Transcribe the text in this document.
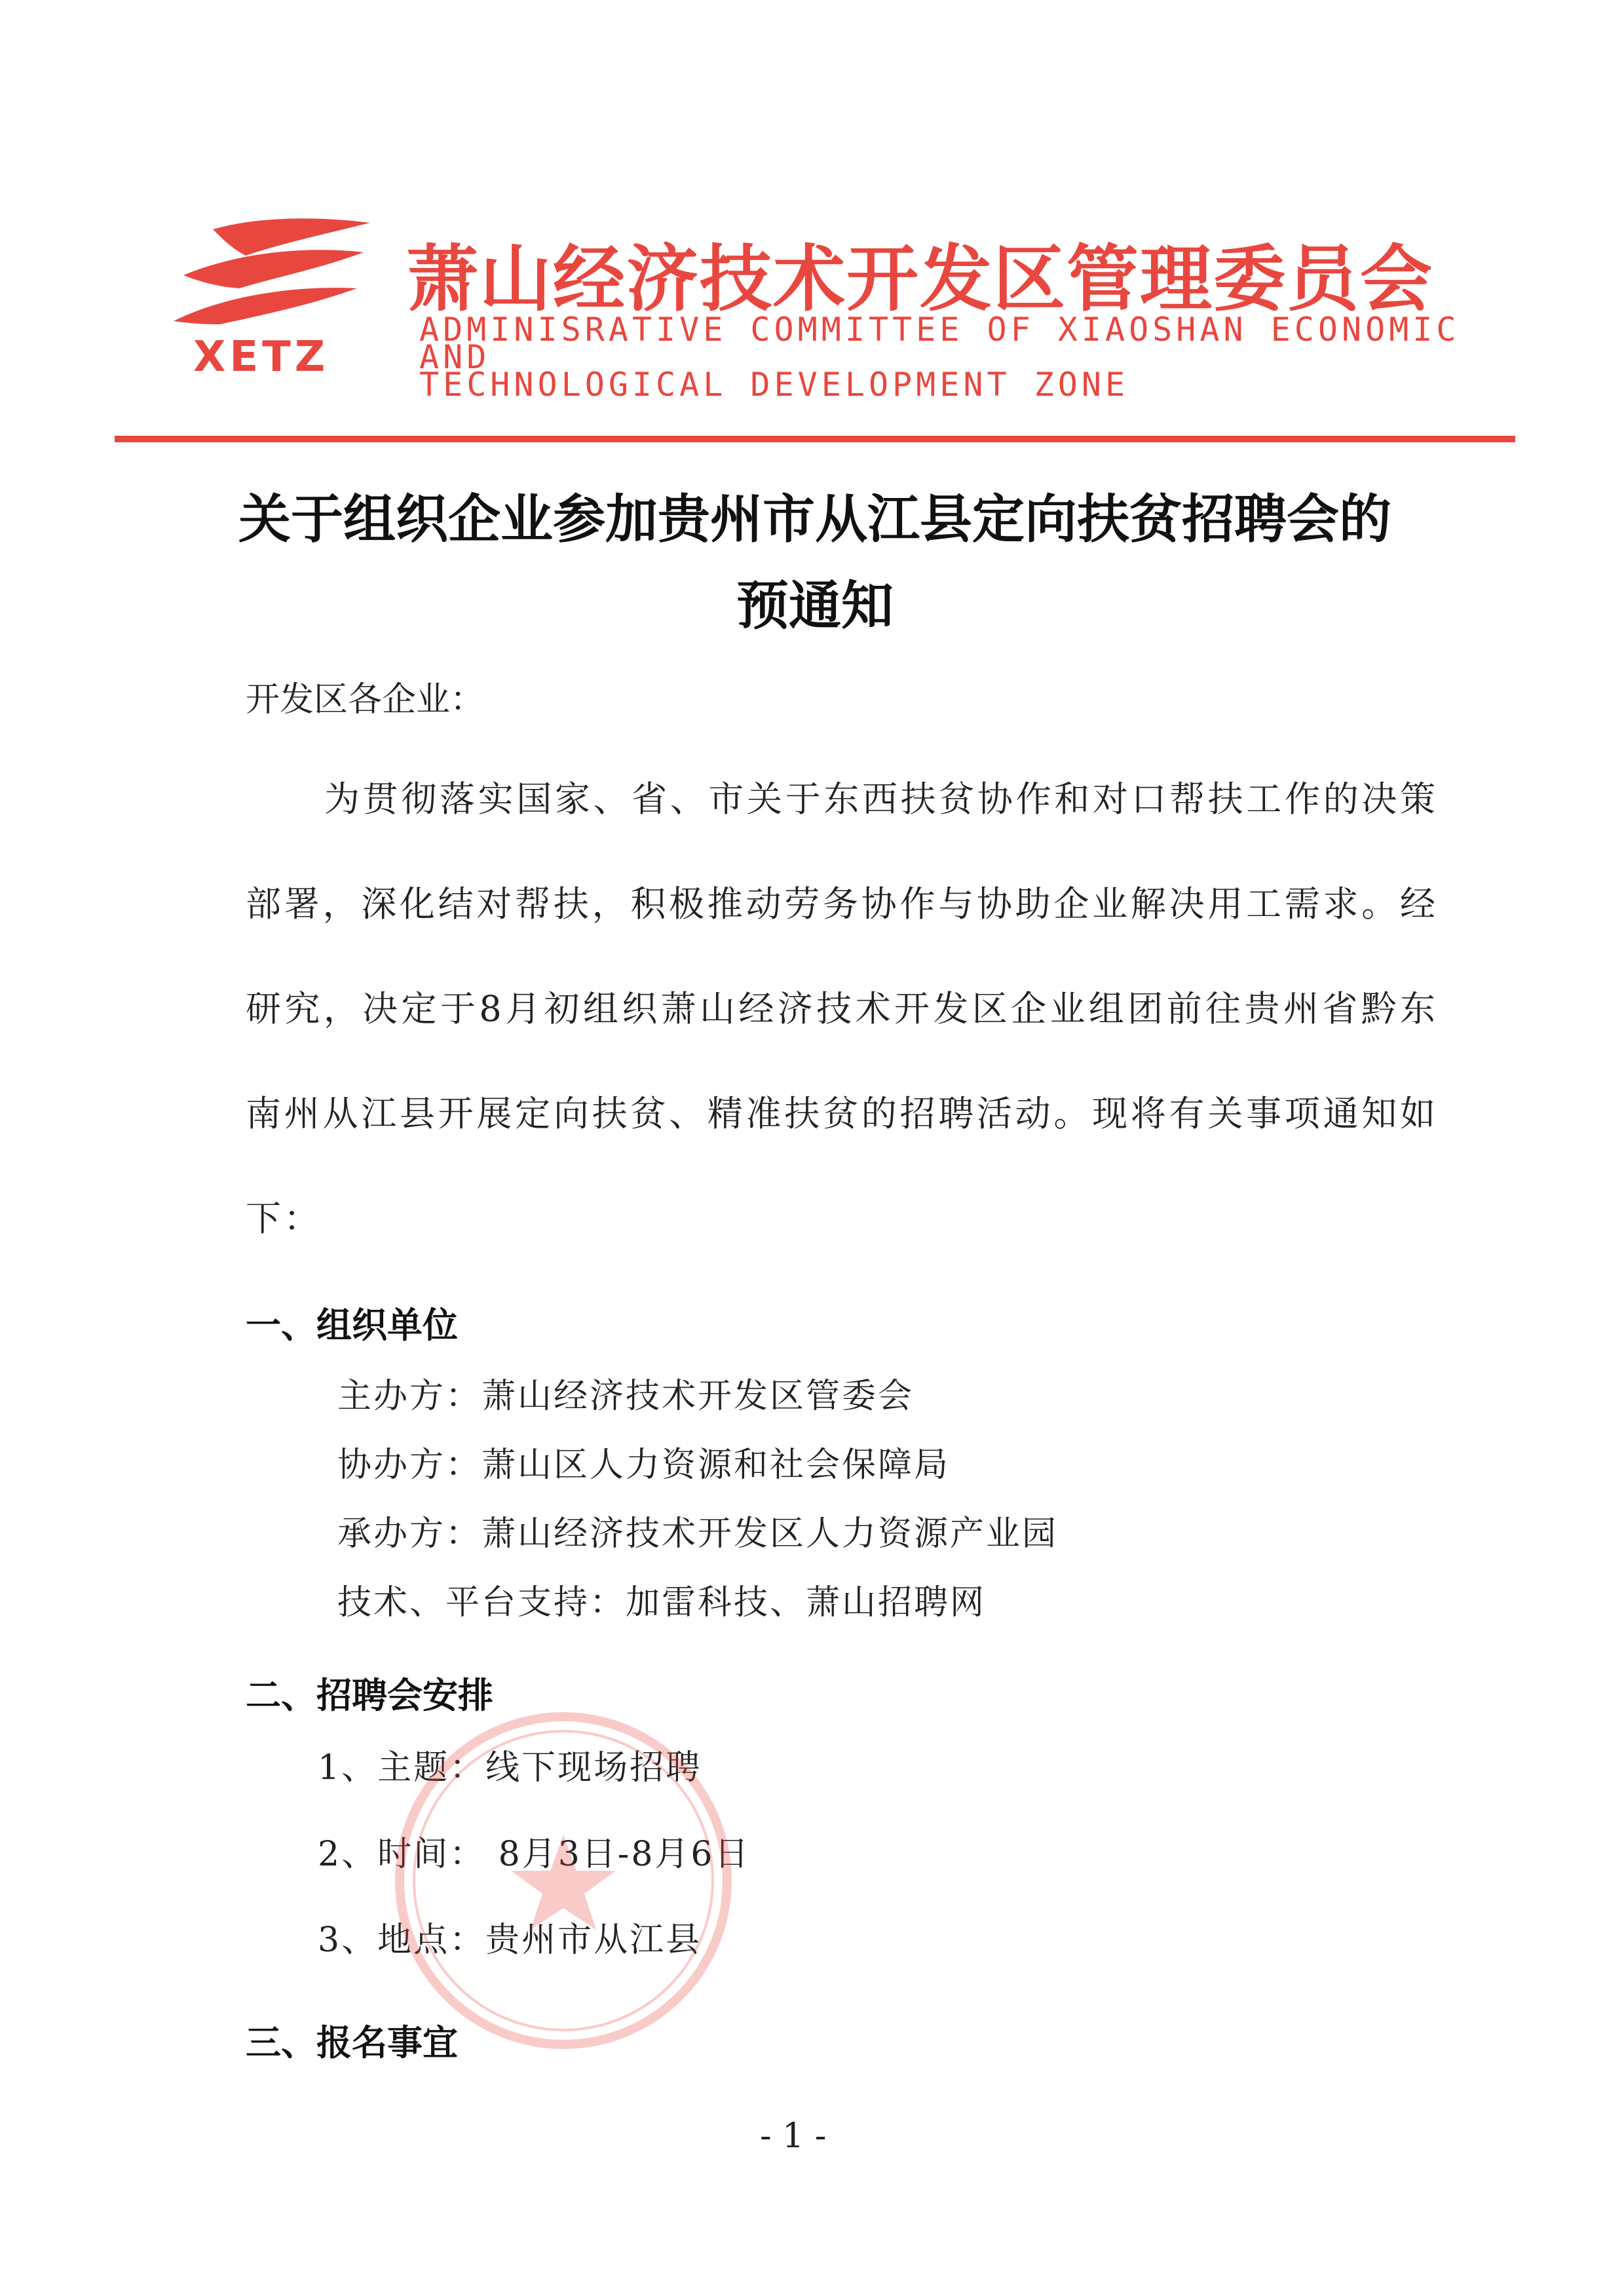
XETZ
萧山经济技术开发区管理委员会
ADMINISRATIVE COMMITTEE OF XIAOSHAN ECONOMIC AND
TECHNOLOGICAL DEVELOPMENT ZONE
关于组织企业参加贵州市从江县定向扶贫招聘会的
预通知
开发区各企业：
为贯彻落实国家、省、市关于东西扶贫协作和对口帮扶工作的决策部署，深化结对帮扶，积极推动劳务协作与协助企业解决用工需求。经研究，决定于8月初组织萧山经济技术开发区企业组团前往贵州省黔东南州从江县开展定向扶贫、精准扶贫的招聘活动。现将有关事项通知如下：
一、组织单位
主办方：萧山经济技术开发区管委会
协办方：萧山区人力资源和社会保障局
承办方：萧山经济技术开发区人力资源产业园
技术、平台支持：加雷科技、萧山招聘网
二、招聘会安排
1、主题：线下现场招聘
2、时间： 8月3日-8月6日
3、地点：贵州市从江县
三、报名事宜
- 1 -
